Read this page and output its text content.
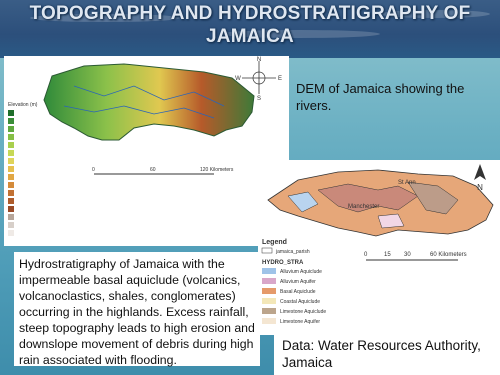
TOPOGRAPHY AND HYDROSTRATIGRAPHY OF JAMAICA
N
S
E
W
Elevation (m)
0	60	120 Kilometers
DEM of Jamaica showing the rivers.
St Ann
Manchester
N
Legend
jamaica_parish
HYDRO_STRA
Alluvium Aquiclude
Alluvium Aquifer
Basal Aquiclude
Coastal Aquiclude
Limestone Aquiclude
Limestone Aquifer
0	15 30	60 Kilometers
Hydrostratigraphy of Jamaica with the impermeable basal aquiclude (volcanics, volcanoclastics, shales, conglomerates) occurring in the highlands. Excess rainfall, steep topography leads to high erosion and downslope movement of debris during high rain associated with flooding.
Data: Water Resources Authority, Jamaica
